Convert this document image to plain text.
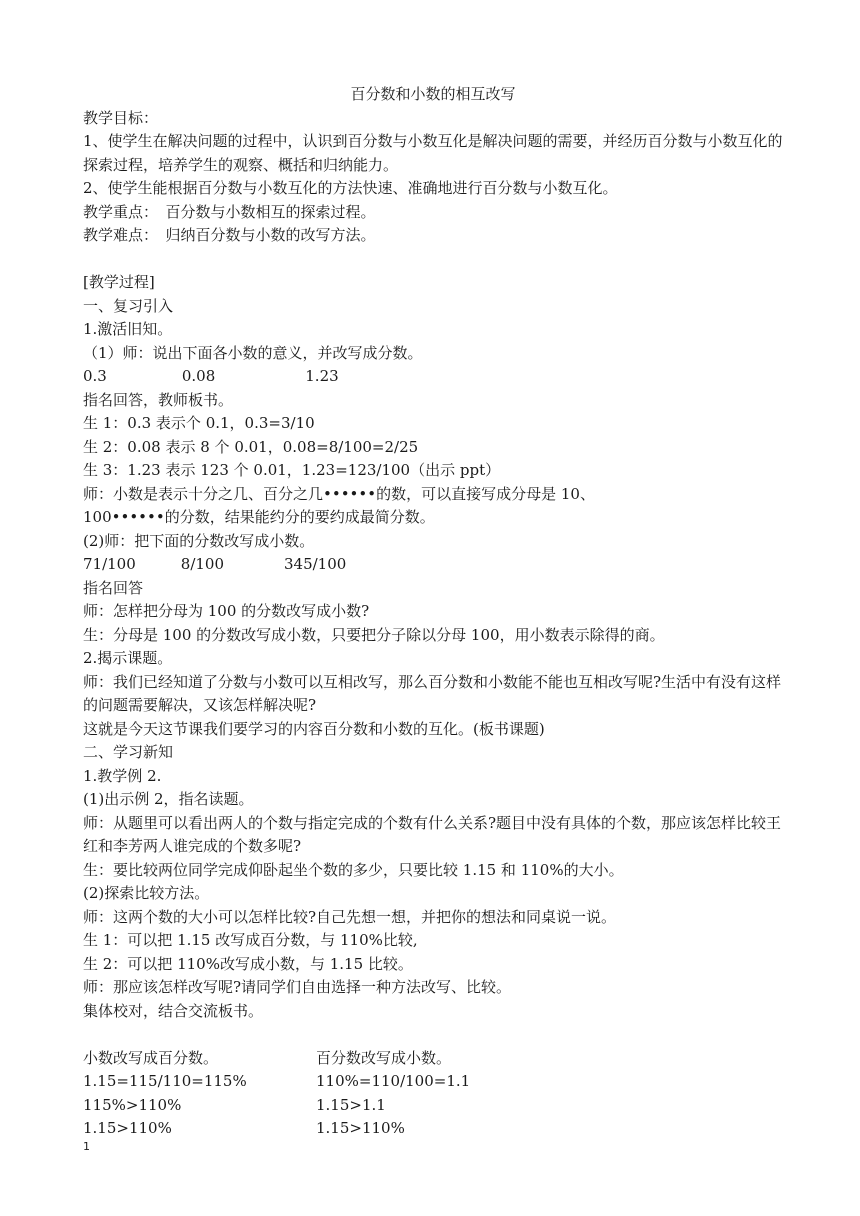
百分数和小数的相互改写
教学目标：
1、使学生在解决问题的过程中，认识到百分数与小数互化是解决问题的需要，并经历百分数与小数互化的探索过程，培养学生的观察、概括和归纳能力。
2、使学生能根据百分数与小数互化的方法快速、准确地进行百分数与小数互化。
教学重点：　百分数与小数相互的探索过程。
教学难点：　归纳百分数与小数的改写方法。
[教学过程]
一、复习引入
1.激活旧知。
（1）师：说出下面各小数的意义，并改写成分数。
0.3　　　　　0.08　　　　　　1.23
指名回答，教师板书。
生 1：0.3 表示个 0.1，0.3=3/10
生 2：0.08 表示 8 个 0.01，0.08=8/100=2/25
生 3：1.23 表示 123 个 0.01，1.23=123/100（出示 ppt）
师：小数是表示十分之几、百分之几••••••的数，可以直接写成分母是 10、
100••••••的分数，结果能约分的要约成最简分数。
(2)师：把下面的分数改写成小数。
71/100　　　8/100　　　　345/100
指名回答
师：怎样把分母为 100 的分数改写成小数?
生：分母是 100 的分数改写成小数，只要把分子除以分母 100，用小数表示除得的商。
2.揭示课题。
师：我们已经知道了分数与小数可以互相改写，那么百分数和小数能不能也互相改写呢?生活中有没有这样的问题需要解决，又该怎样解决呢?
这就是今天这节课我们要学习的内容百分数和小数的互化。(板书课题)
二、学习新知
1.教学例 2.
(1)出示例 2，指名读题。
师：从题里可以看出两人的个数与指定完成的个数有什么关系?题目中没有具体的个数，那应该怎样比较王红和李芳两人谁完成的个数多呢?
生：要比较两位同学完成仰卧起坐个数的多少，只要比较 1.15 和 110%的大小。
(2)探索比较方法。
师：这两个数的大小可以怎样比较?自己先想一想，并把你的想法和同桌说一说。
生 1：可以把 1.15 改写成百分数，与 110%比较,
生 2：可以把 110%改写成小数，与 1.15 比较。
师：那应该怎样改写呢?请同学们自由选择一种方法改写、比较。
集体校对，结合交流板书。
小数改写成百分数。
1.15=115/110=115%
115%>110%
1.15>110%
百分数改写成小数。
110%=110/100=1.1
1.15>1.1
1.15>110%
1
